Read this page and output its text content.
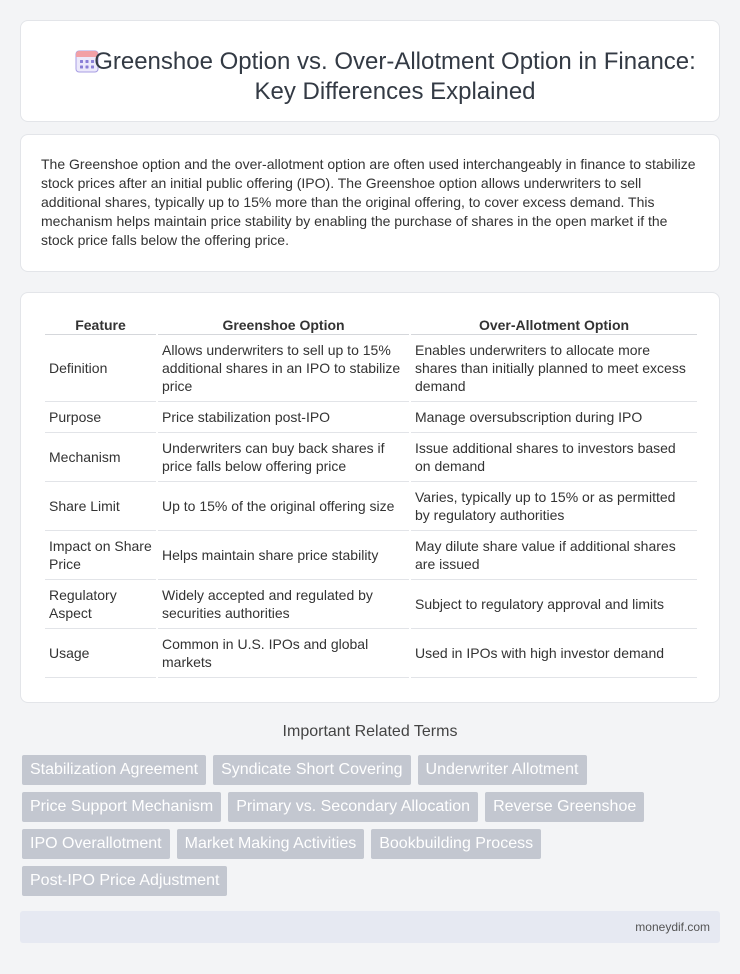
Greenshoe Option vs. Over-Allotment Option in Finance: Key Differences Explained

The Greenshoe option and the over-allotment option are often used interchangeably in finance to stabilize stock prices after an initial public offering (IPO). The Greenshoe option allows underwriters to sell additional shares, typically up to 15% more than the original offering, to cover excess demand. This mechanism helps maintain price stability by enabling the purchase of shares in the open market if the stock price falls below the offering price.

Feature	Greenshoe Option	Over-Allotment Option
Definition	Allows underwriters to sell up to 15% additional shares in an IPO to stabilize price	Enables underwriters to allocate more shares than initially planned to meet excess demand
Purpose	Price stabilization post-IPO	Manage oversubscription during IPO
Mechanism	Underwriters can buy back shares if price falls below offering price	Issue additional shares to investors based on demand
Share Limit	Up to 15% of the original offering size	Varies, typically up to 15% or as permitted by regulatory authorities
Impact on Share Price	Helps maintain share price stability	May dilute share value if additional shares are issued
Regulatory Aspect	Widely accepted and regulated by securities authorities	Subject to regulatory approval and limits
Usage	Common in U.S. IPOs and global markets	Used in IPOs with high investor demand
Important Related Terms
Stabilization Agreement	Syndicate Short Covering	Underwriter Allotment
Price Support Mechanism	Primary vs. Secondary Allocation	Reverse Greenshoe
IPO Overallotment	Market Making Activities	Bookbuilding Process
Post-IPO Price Adjustment
moneydif.com
